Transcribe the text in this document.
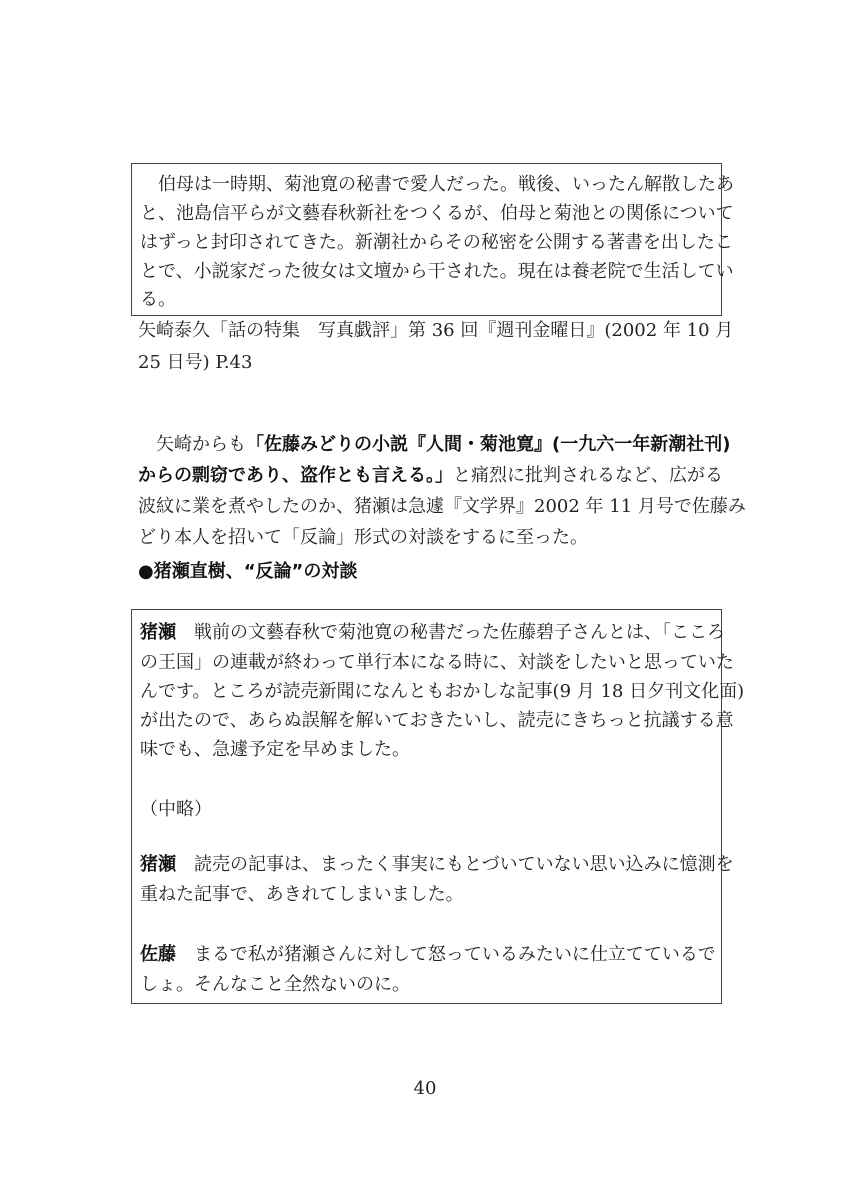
　伯母は一時期、菊池寛の秘書で愛人だった。戦後、いったん解散したあ
と、池島信平らが文藝春秋新社をつくるが、伯母と菊池との関係について
はずっと封印されてきた。新潮社からその秘密を公開する著書を出したこ
とで、小説家だった彼女は文壇から干された。現在は養老院で生活してい
る。
矢崎泰久「話の特集　写真戯評」第 36 回『週刊金曜日』(2002 年 10 月
25 日号) P.43
　矢崎からも「佐藤みどりの小説『人間・菊池寛』(一九六一年新潮社刊)
からの剽窃であり、盗作とも言える。」と痛烈に批判されるなど、広がる
波紋に業を煮やしたのか、猪瀬は急遽『文学界』2002 年 11 月号で佐藤み
どり本人を招いて「反論」形式の対談をするに至った。
●猪瀬直樹、“反論”の対談
猪瀬　戦前の文藝春秋で菊池寛の秘書だった佐藤碧子さんとは、「こころ
の王国」の連載が終わって単行本になる時に、対談をしたいと思っていた
んです。ところが読売新聞になんともおかしな記事(9 月 18 日夕刊文化面)
が出たので、あらぬ誤解を解いておきたいし、読売にきちっと抗議する意
味でも、急遽予定を早めました。
（中略）
猪瀬　読売の記事は、まったく事実にもとづいていない思い込みに憶測を
重ねた記事で、あきれてしまいました。
佐藤　まるで私が猪瀬さんに対して怒っているみたいに仕立てているで
しょ。そんなこと全然ないのに。
40
